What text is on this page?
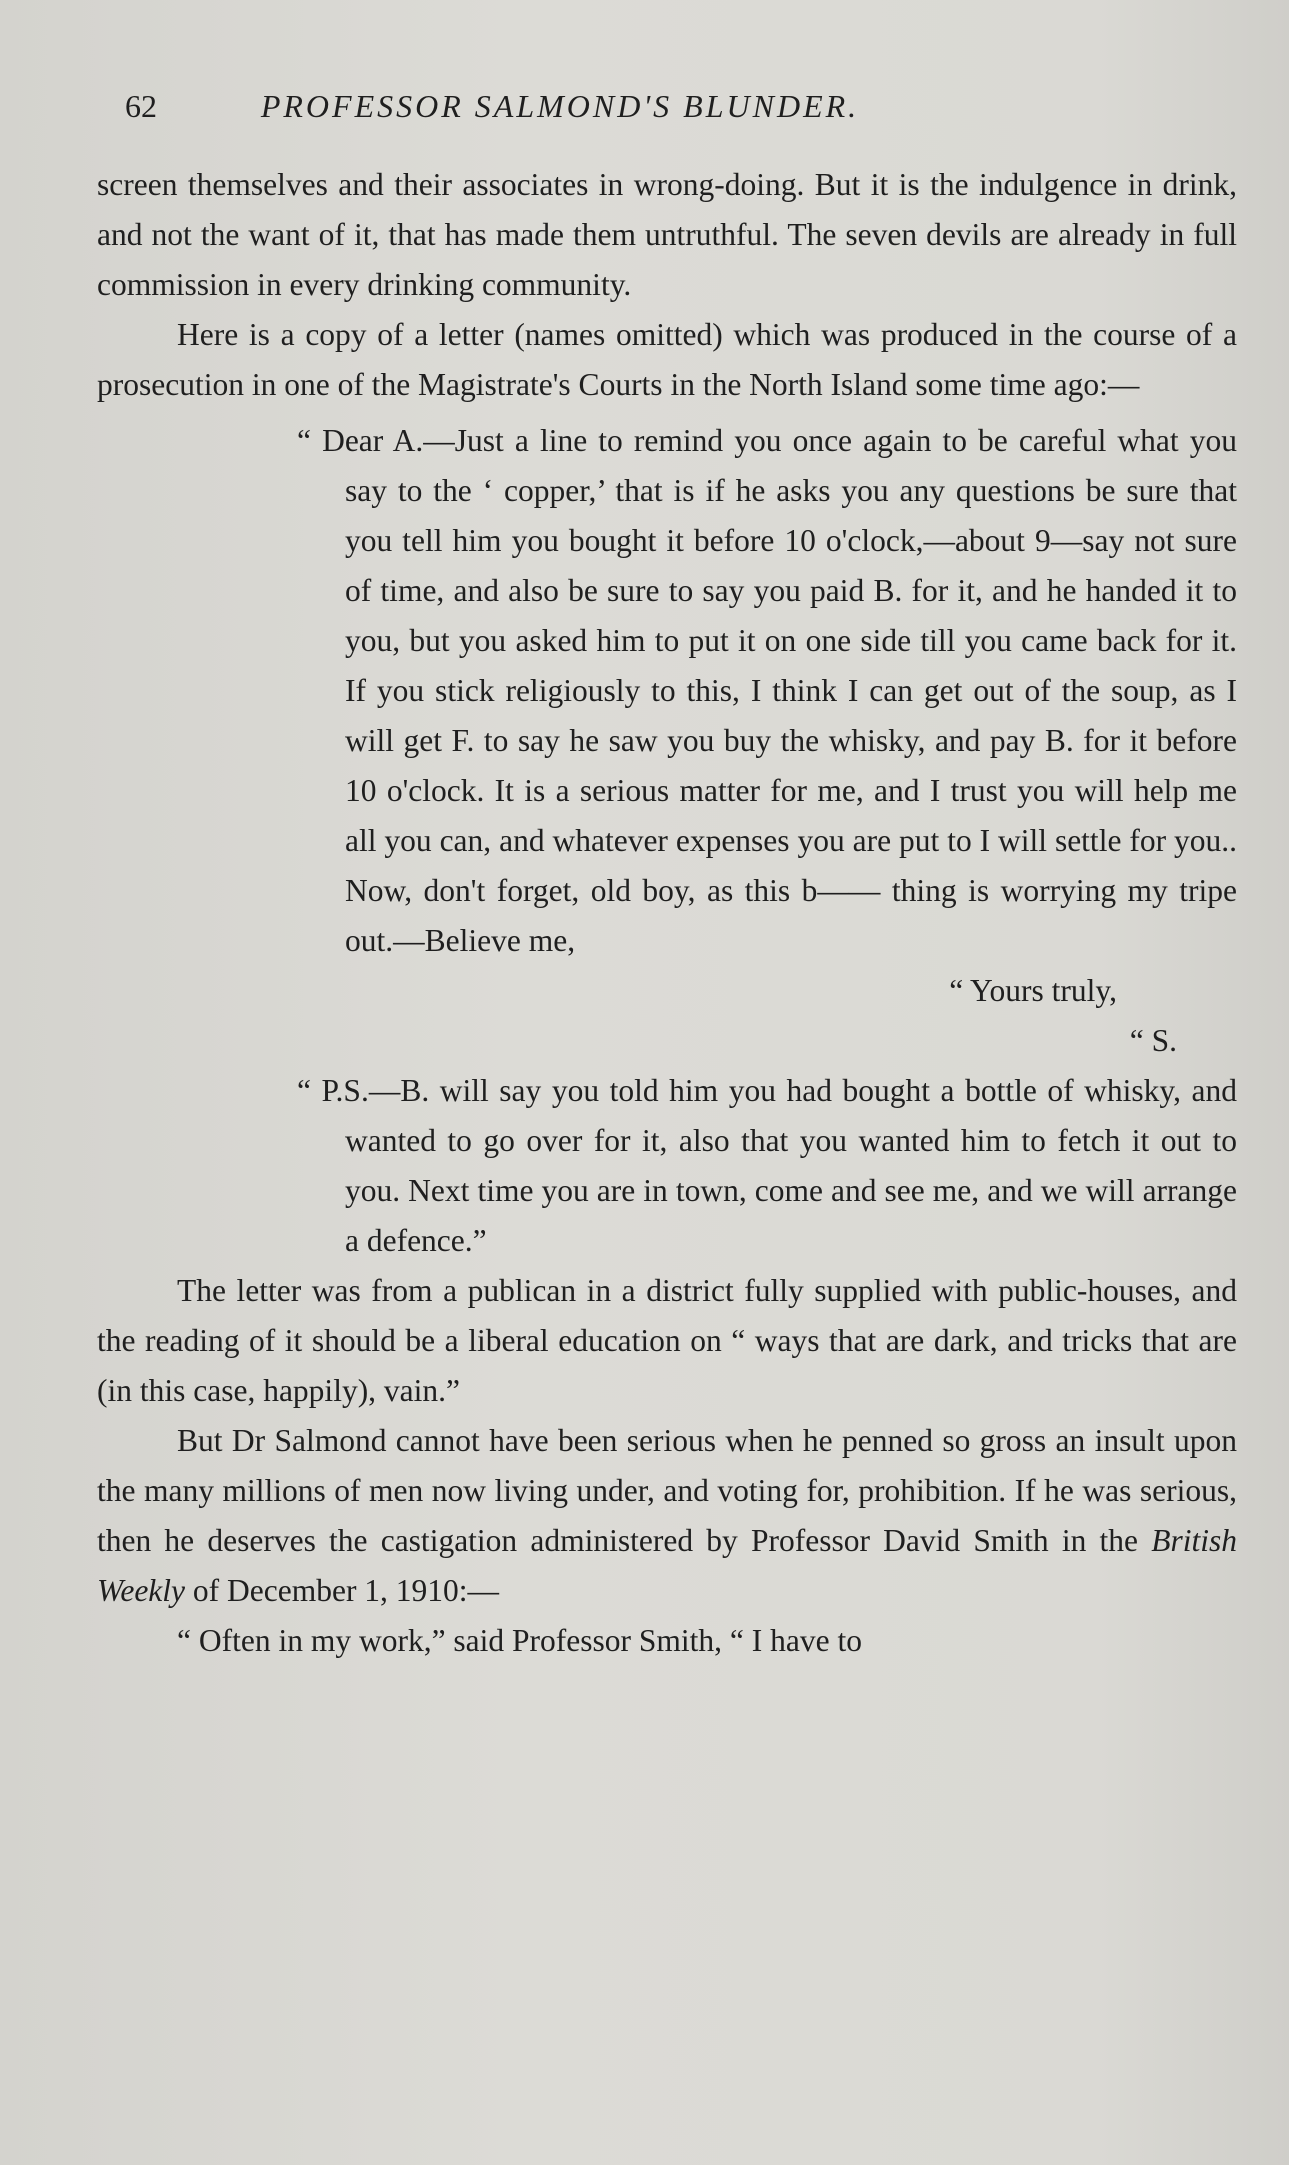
62	PROFESSOR SALMOND'S BLUNDER.

screen themselves and their associates in wrong-doing. But it is the indulgence in drink, and not the want of it, that has made them untruthful. The seven devils are already in full commission in every drinking community.

Here is a copy of a letter (names omitted) which was produced in the course of a prosecution in one of the Magistrate's Courts in the North Island some time ago:—

“ Dear A.—Just a line to remind you once again to be careful what you say to the ‘ copper,’ that is if he asks you any questions be sure that you tell him you bought it before 10 o'clock,—about 9—say not sure of time, and also be sure to say you paid B. for it, and he handed it to you, but you asked him to put it on one side till you came back for it. If you stick religiously to this, I think I can get out of the soup, as I will get F. to say he saw you buy the whisky, and pay B. for it before 10 o'clock. It is a serious matter for me, and I trust you will help me all you can, and whatever expenses you are put to I will settle for you.. Now, don't forget, old boy, as this b—— thing is worrying my tripe out.—Believe me,

“ Yours truly,
“ S.

“ P.S.—B. will say you told him you had bought a bottle of whisky, and wanted to go over for it, also that you wanted him to fetch it out to you. Next time you are in town, come and see me, and we will arrange a defence.”

The letter was from a publican in a district fully supplied with public-houses, and the reading of it should be a liberal education on “ ways that are dark, and tricks that are (in this case, happily), vain.”

But Dr Salmond cannot have been serious when he penned so gross an insult upon the many millions of men now living under, and voting for, prohibition. If he was serious, then he deserves the castigation administered by Professor David Smith in the British Weekly of December 1, 1910:—

“ Often in my work,” said Professor Smith, “ I have to
